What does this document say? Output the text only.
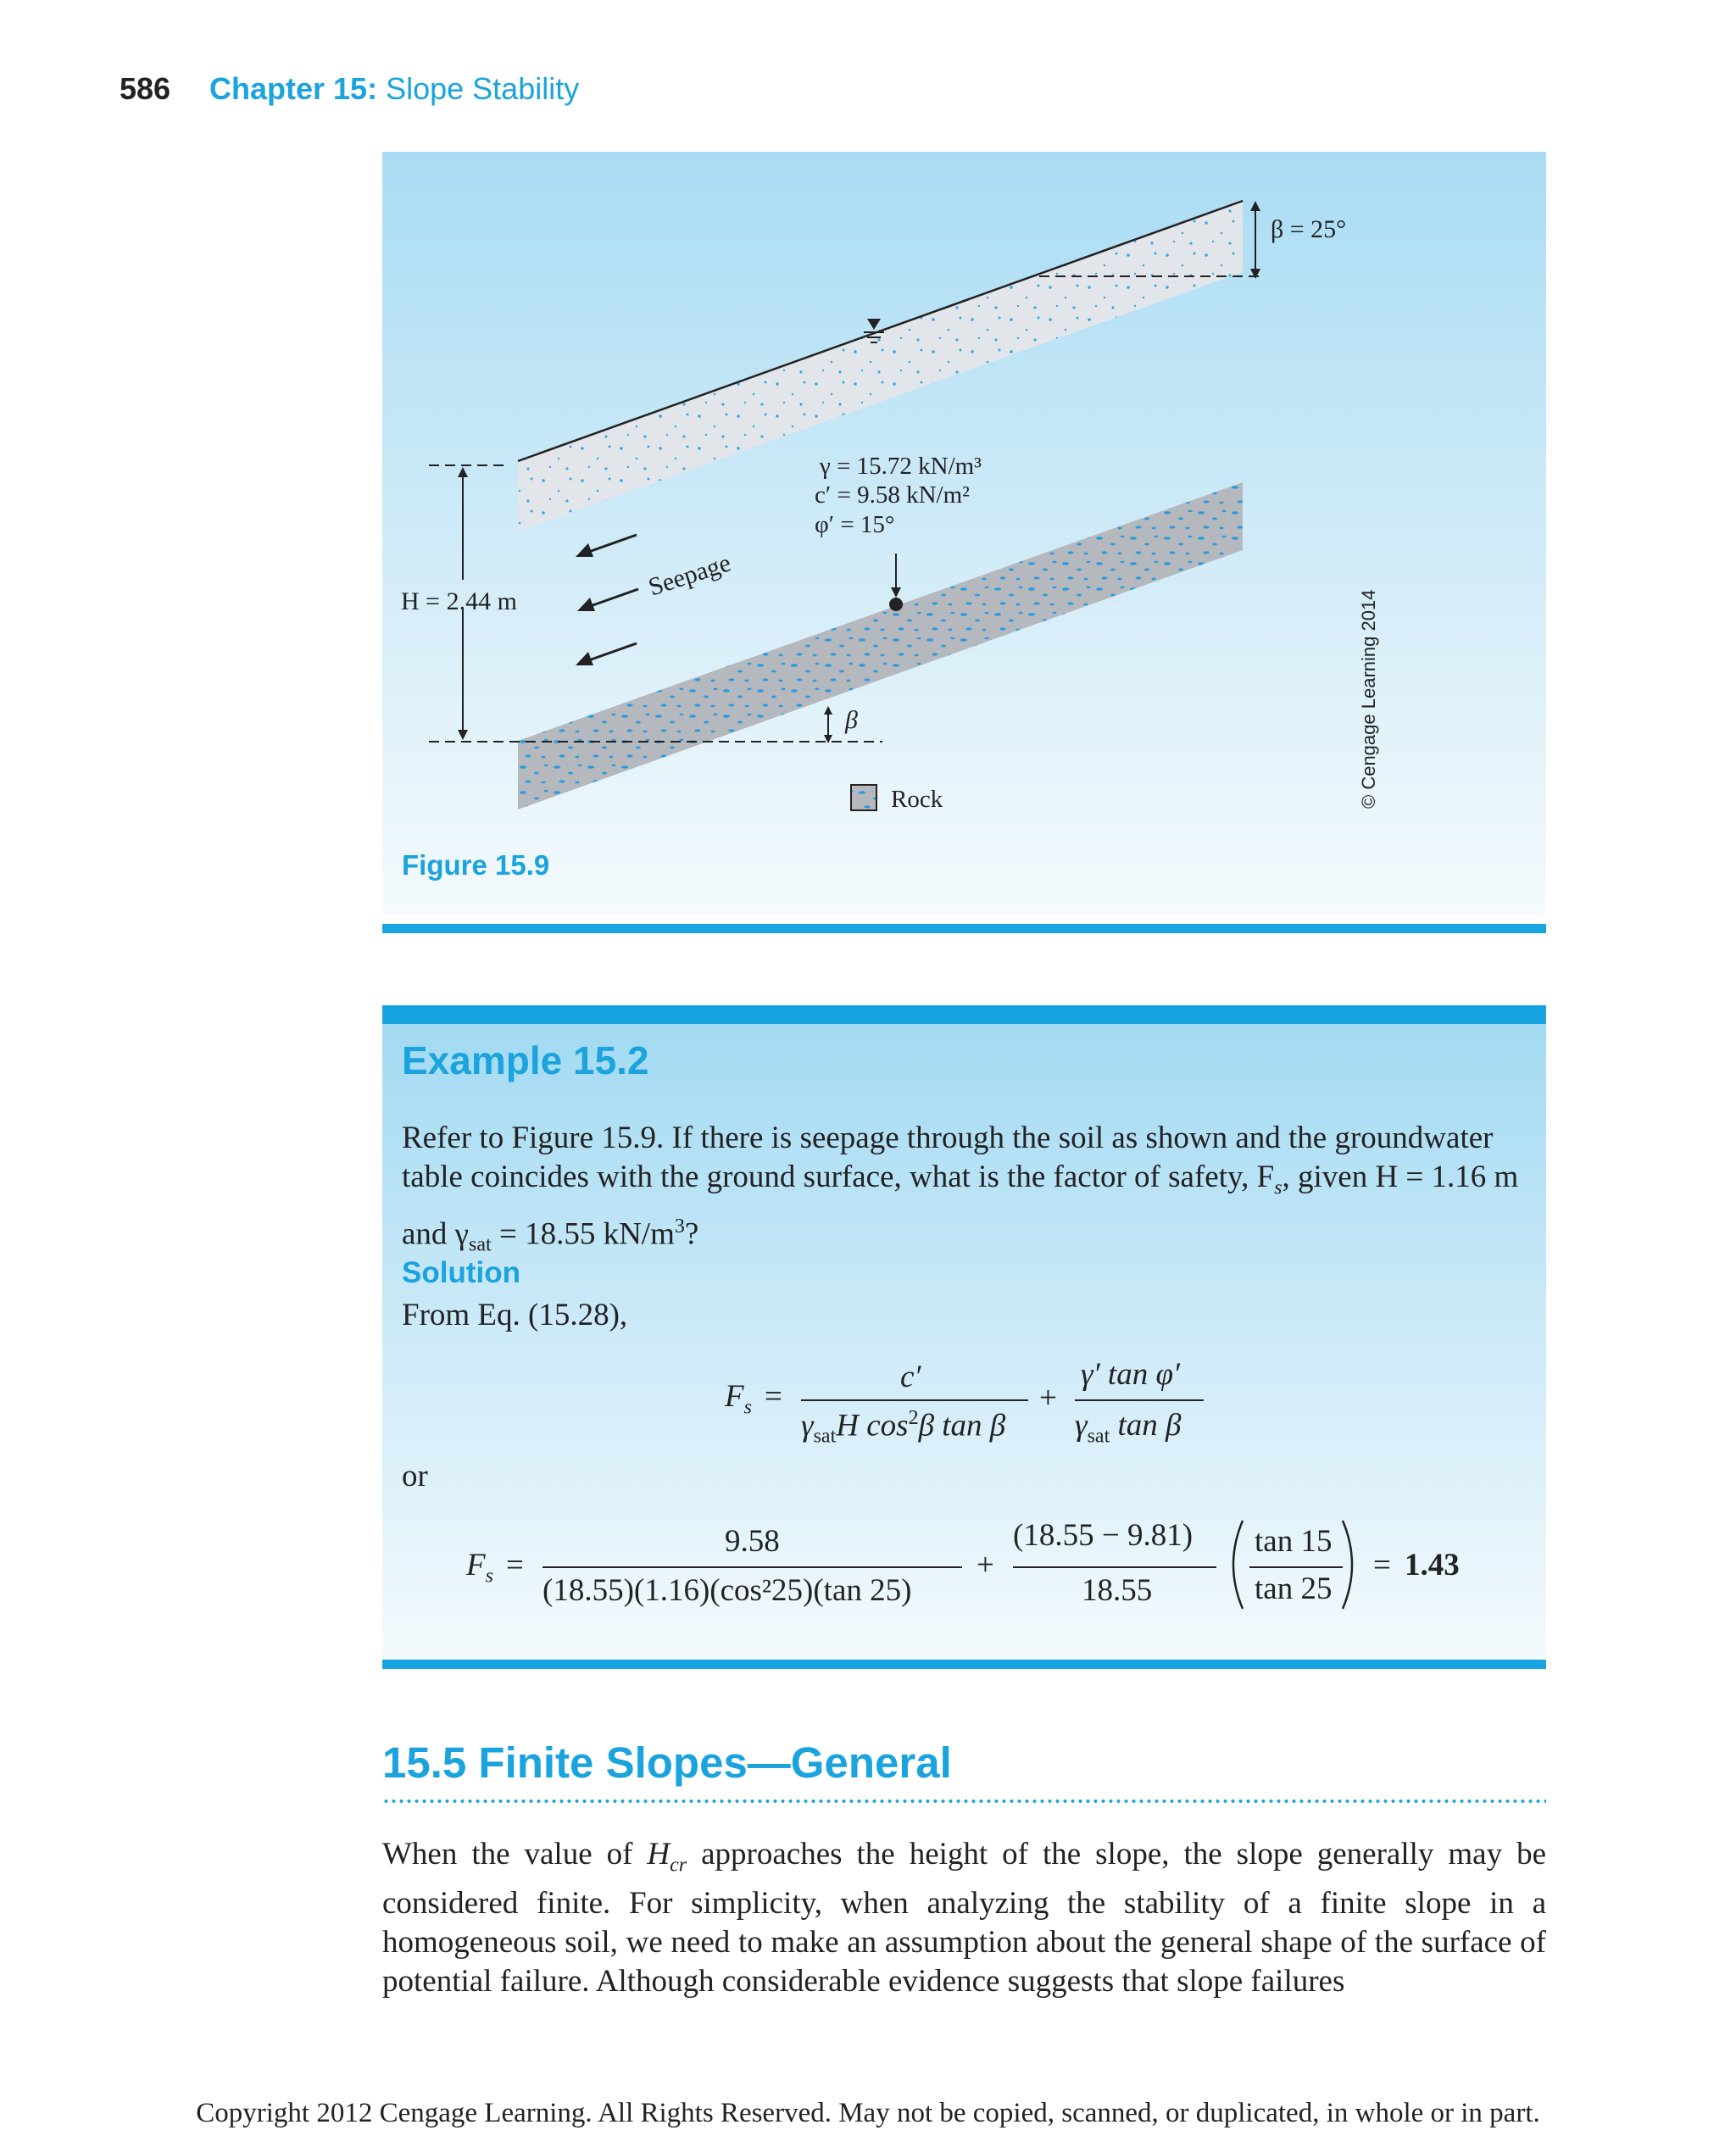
586 Chapter 15: Slope Stability
β = 25°
γ = 15.72 kN/m³
c′ = 9.58 kN/m²
φ′ = 15°
H = 2.44 m	Seepage
β
Rock	© Cengage Learning 2014
Figure 15.9
Example 15.2
Refer to Figure 15.9. If there is seepage through the soil as shown and the groundwater table coincides with the ground surface, what is the factor of safety, $F_s$, given H = 1.16 m and $\gamma_{sat} = 18.55$ $kN/m^3$?
Solution
From Eq. (15.28),
$F_s$ =
c′
$\gamma_{sat}H$ $\cos^2\beta$ tan β
+
γ′ tan φ′
$\gamma_{sat}$ tan β
or
$F_s$ =
9.58
(18.55)(1.16)(cos²25)(tan 25)
+
(18.55 − 9.81)
18.55
tan 15
tan 25
= 1.43
15.5 Finite Slopes—General

When the value of $H_{cr}$ approaches the height of the slope, the slope generally may be considered finite. For simplicity, when analyzing the stability of a finite slope in a homogeneous soil, we need to make an assumption about the general shape of the surface of potential failure. Although considerable evidence suggests that slope failures

Copyright 2012 Cengage Learning. All Rights Reserved. May not be copied, scanned, or duplicated, in whole or in part.
